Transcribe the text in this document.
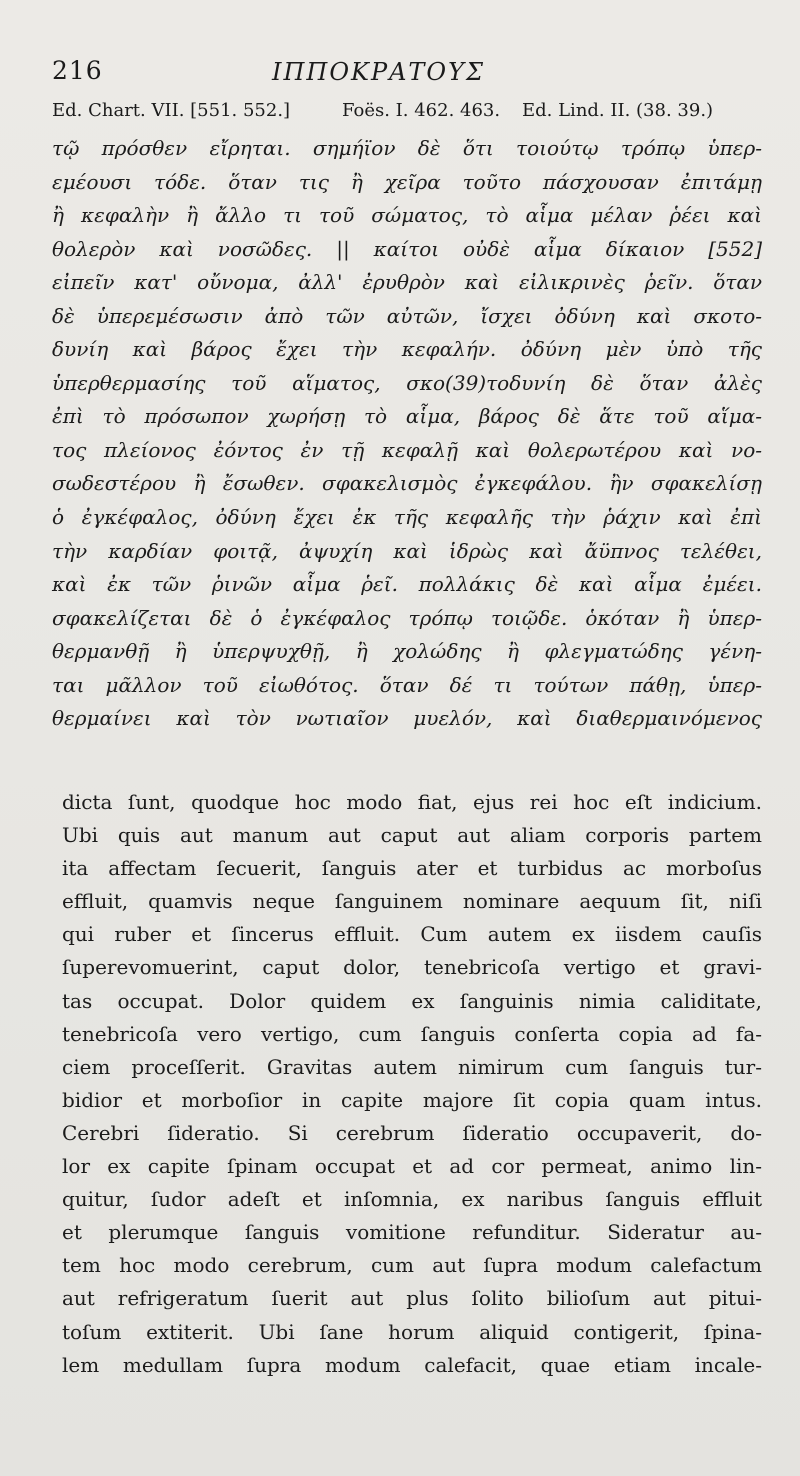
216	ΙΠΠΟΚΡΑΤΟΥΣ
Ed. Chart. VII. [551. 552.]	Foës. I. 462. 463. Ed. Lind. II. (38. 39.)
τῷ πρόσθεν εἴρηται. σημήϊον δὲ ὅτι τοιούτῳ τρόπῳ ὑπερ-
εμέουσι τόδε. ὅταν τις ἢ χεῖρα τοῦτο πάσχουσαν ἐπιτάμῃ
ἢ κεφαλὴν ἢ ἄλλο τι τοῦ σώματος, τὸ αἷμα μέλαν ῥέει καὶ
θολερὸν καὶ νοσῶδες. || καίτοι οὐδὲ αἷμα δίκαιον [552]
εἰπεῖν κατ' οὔνομα, ἀλλ' ἐρυθρὸν καὶ εἰλικρινὲς ῥεῖν. ὅταν
δὲ ὑπερεμέσωσιν ἀπὸ τῶν αὐτῶν, ἴσχει ὀδύνη καὶ σκοτο-
δυνίη καὶ βάρος ἔχει τὴν κεφαλήν. ὀδύνη μὲν ὑπὸ τῆς
ὑπερθερμασίης τοῦ αἵματος, σκο(39)τοδυνίη δὲ ὅταν ἀλὲς
ἐπὶ τὸ πρόσωπον χωρήσῃ τὸ αἷμα, βάρος δὲ ἅτε τοῦ αἵμα-
τος πλείονος ἐόντος ἐν τῇ κεφαλῇ καὶ θολερωτέρου καὶ νο-
σωδεστέρου ἢ ἔσωθεν. σφακελισμὸς ἐγκεφάλου. ἢν σφακελίσῃ
ὁ ἐγκέφαλος, ὀδύνη ἔχει ἐκ τῆς κεφαλῆς τὴν ῥάχιν καὶ ἐπὶ
τὴν καρδίαν φοιτᾷ, ἀψυχίη καὶ ἱδρὼς καὶ ἄϋπνος τελέθει,
καὶ ἐκ τῶν ῥινῶν αἷμα ῥεῖ. πολλάκις δὲ καὶ αἷμα ἐμέει.
σφακελίζεται δὲ ὁ ἐγκέφαλος τρόπῳ τοιῷδε. ὁκόταν ἢ ὑπερ-
θερμανθῇ ἢ ὑπερψυχθῇ, ἢ χολώδης ἢ φλεγματώδης γένη-
ται μᾶλλον τοῦ εἰωθότος. ὅταν δέ τι τούτων πάθῃ, ὑπερ-
θερμαίνει καὶ τὸν νωτιαῖον μυελόν, καὶ διαθερμαινόμενος
dicta ſunt, quodque hoc modo fiat, ejus rei hoc eſt indicium.
Ubi quis aut manum aut caput aut aliam corporis partem
ita affectam ſecuerit, ſanguis ater et turbidus ac morboſus
effluit, quamvis neque ſanguinem nominare aequum ſit, niſi
qui ruber et ſincerus effluit. Cum autem ex iisdem cauſis
ſuperevomuerint, caput dolor, tenebricoſa vertigo et gravi-
tas occupat. Dolor quidem ex ſanguinis nimia caliditate,
tenebricoſa vero vertigo, cum ſanguis conſerta copia ad fa-
ciem proceſſerit. Gravitas autem nimirum cum ſanguis tur-
bidior et morboſior in capite majore ſit copia quam intus.
Cerebri ſideratio. Si cerebrum ſideratio occupaverit, do-
lor ex capite ſpinam occupat et ad cor permeat, animo lin-
quitur, ſudor adeſt et inſomnia, ex naribus ſanguis effluit
et plerumque ſanguis vomitione refunditur. Sideratur au-
tem hoc modo cerebrum, cum aut ſupra modum calefactum
aut refrigeratum ſuerit aut plus ſolito bilioſum aut pitui-
toſum extiterit. Ubi ſane horum aliquid contigerit, ſpina-
lem medullam ſupra modum calefacit, quae etiam incale-
